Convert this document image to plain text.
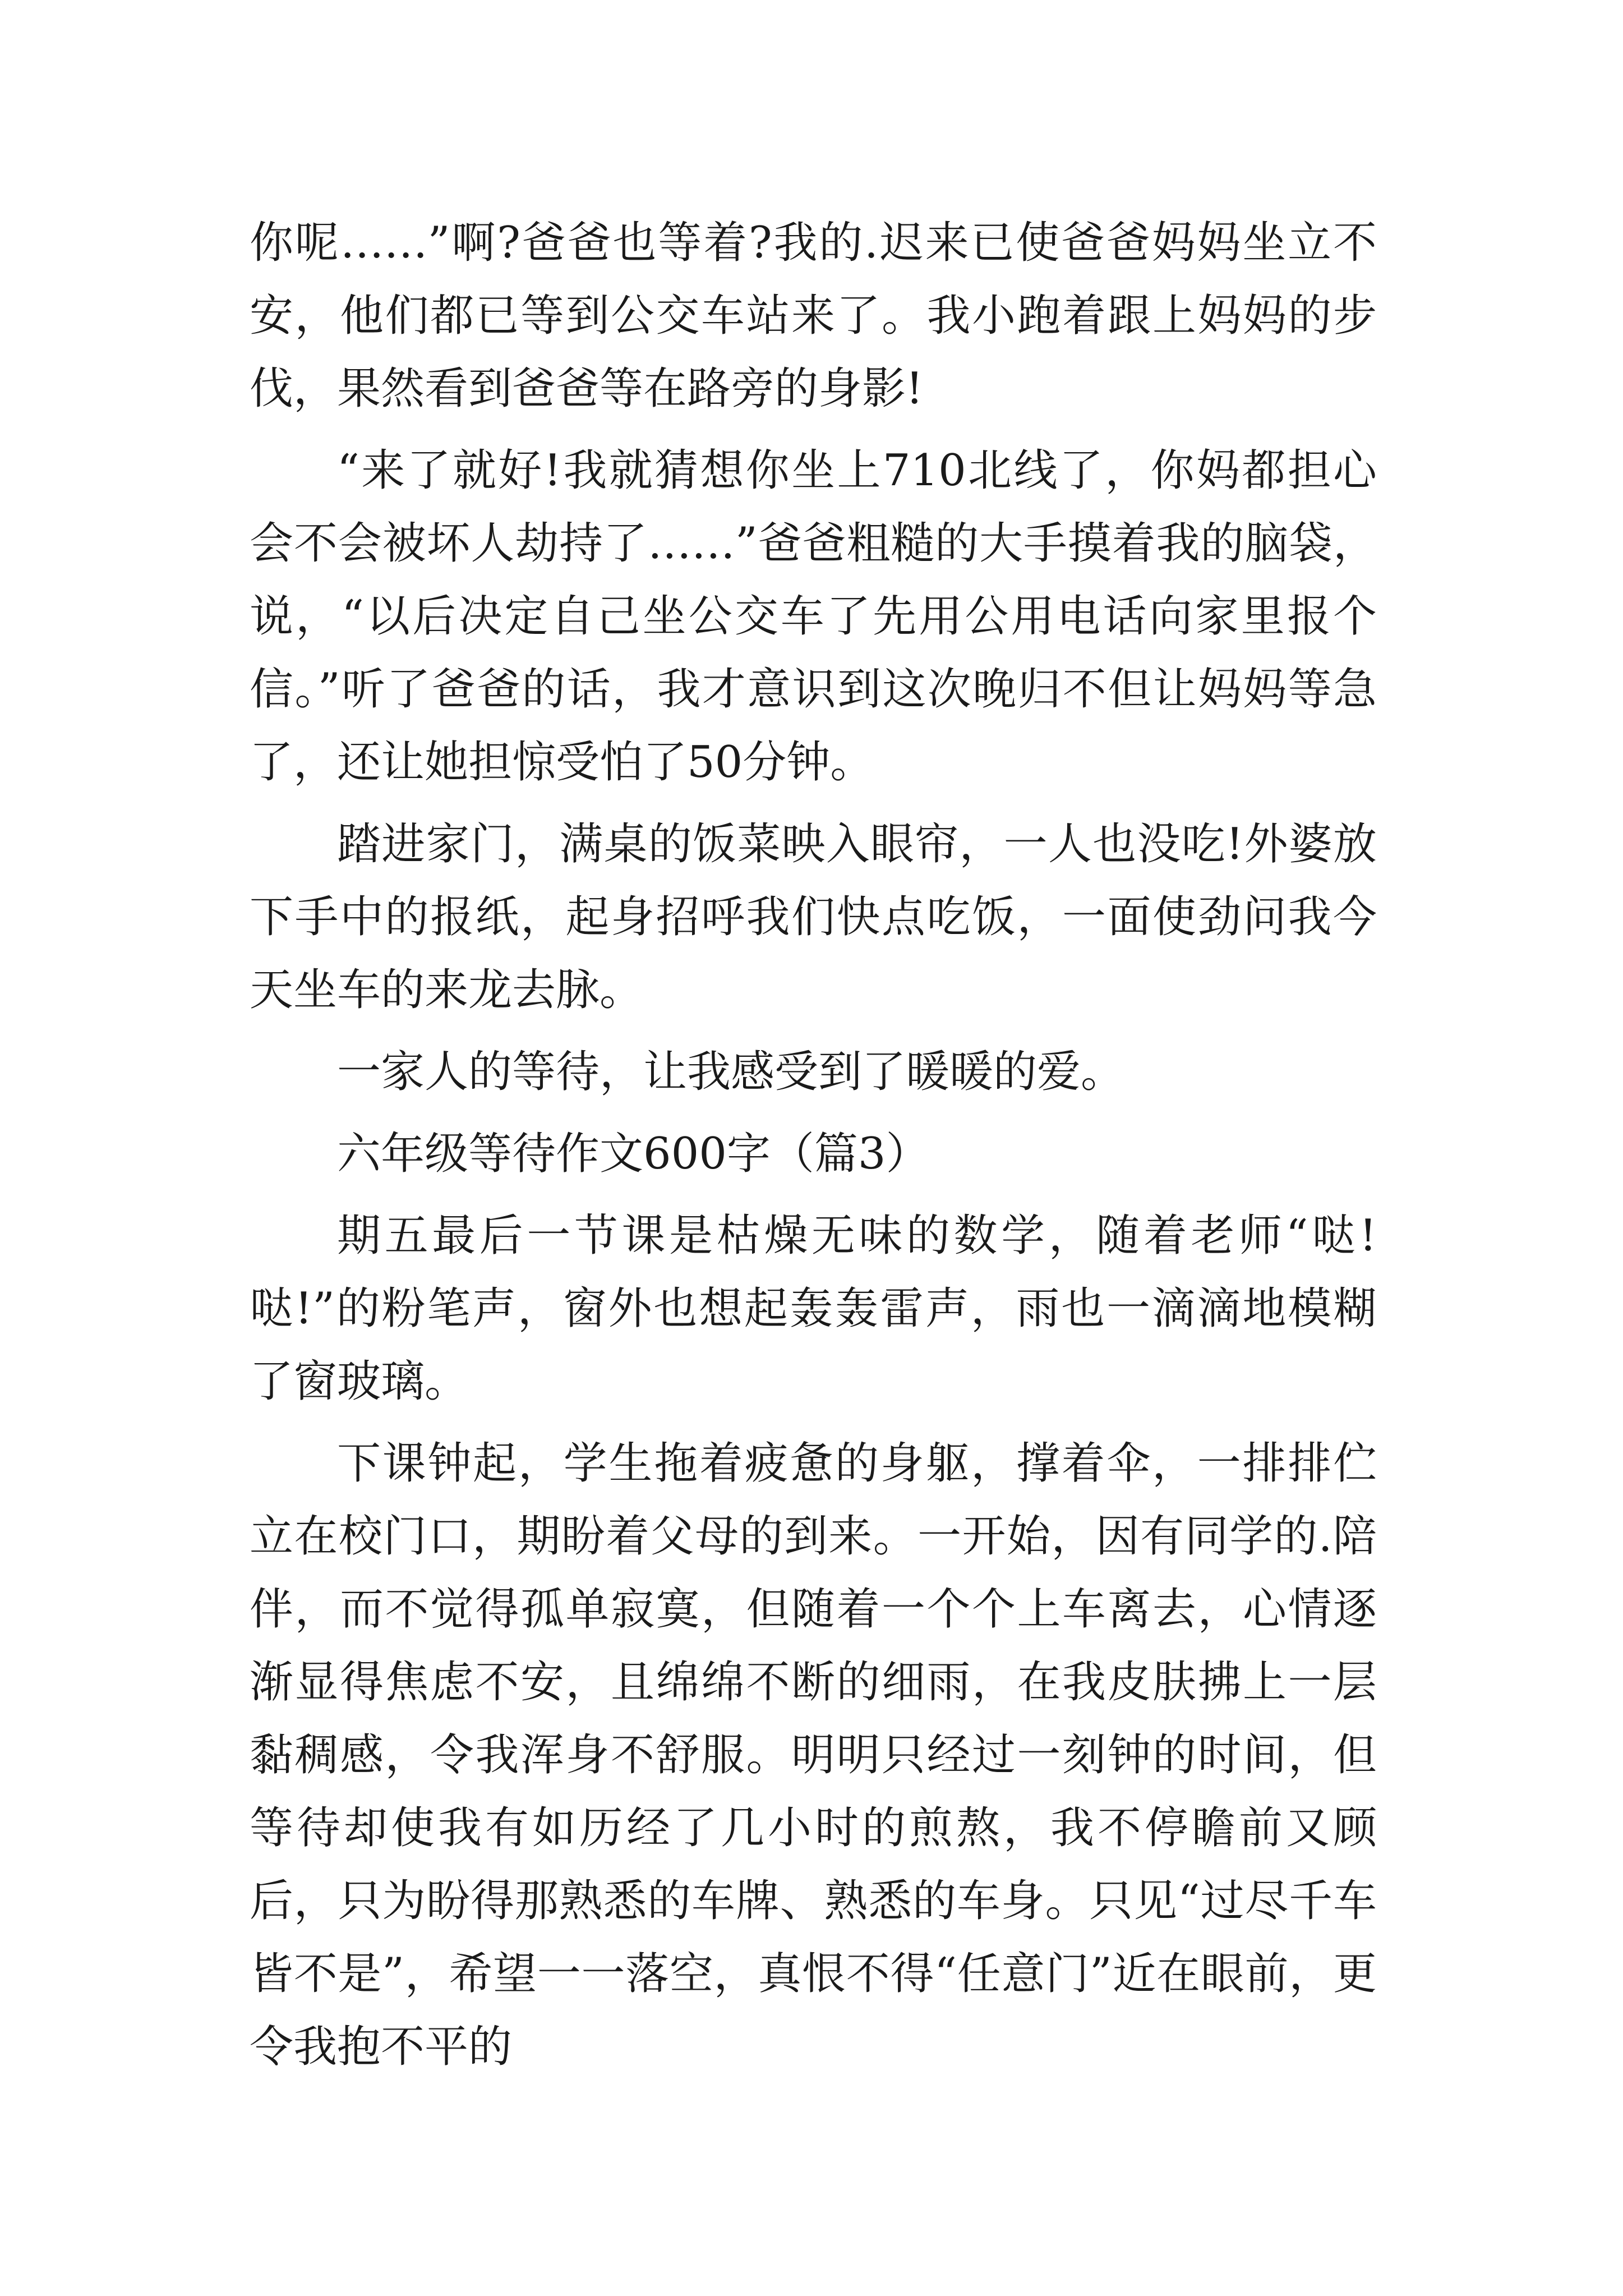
你呢……”啊?爸爸也等着?我的.迟来已使爸爸妈妈坐立不安，他们都已等到公交车站来了。我小跑着跟上妈妈的步伐，果然看到爸爸等在路旁的身影!

“来了就好!我就猜想你坐上710北线了，你妈都担心会不会被坏人劫持了……”爸爸粗糙的大手摸着我的脑袋，说，“以后决定自己坐公交车了先用公用电话向家里报个信。”听了爸爸的话，我才意识到这次晚归不但让妈妈等急了，还让她担惊受怕了50分钟。

踏进家门，满桌的饭菜映入眼帘，一人也没吃!外婆放下手中的报纸，起身招呼我们快点吃饭，一面使劲问我今天坐车的来龙去脉。

一家人的等待，让我感受到了暖暖的爱。

六年级等待作文600字（篇3）

期五最后一节课是枯燥无味的数学，随着老师“哒!哒!”的粉笔声，窗外也想起轰轰雷声，雨也一滴滴地模糊了窗玻璃。

下课钟起，学生拖着疲惫的身躯，撑着伞，一排排伫立在校门口，期盼着父母的到来。一开始，因有同学的.陪伴，而不觉得孤单寂寞，但随着一个个上车离去，心情逐渐显得焦虑不安，且绵绵不断的细雨，在我皮肤拂上一层黏稠感，令我浑身不舒服。明明只经过一刻钟的时间，但等待却使我有如历经了几小时的煎熬，我不停瞻前又顾后，只为盼得那熟悉的车牌、熟悉的车身。只见“过尽千车皆不是”，希望一一落空，真恨不得“任意门”近在眼前，更令我抱不平的
